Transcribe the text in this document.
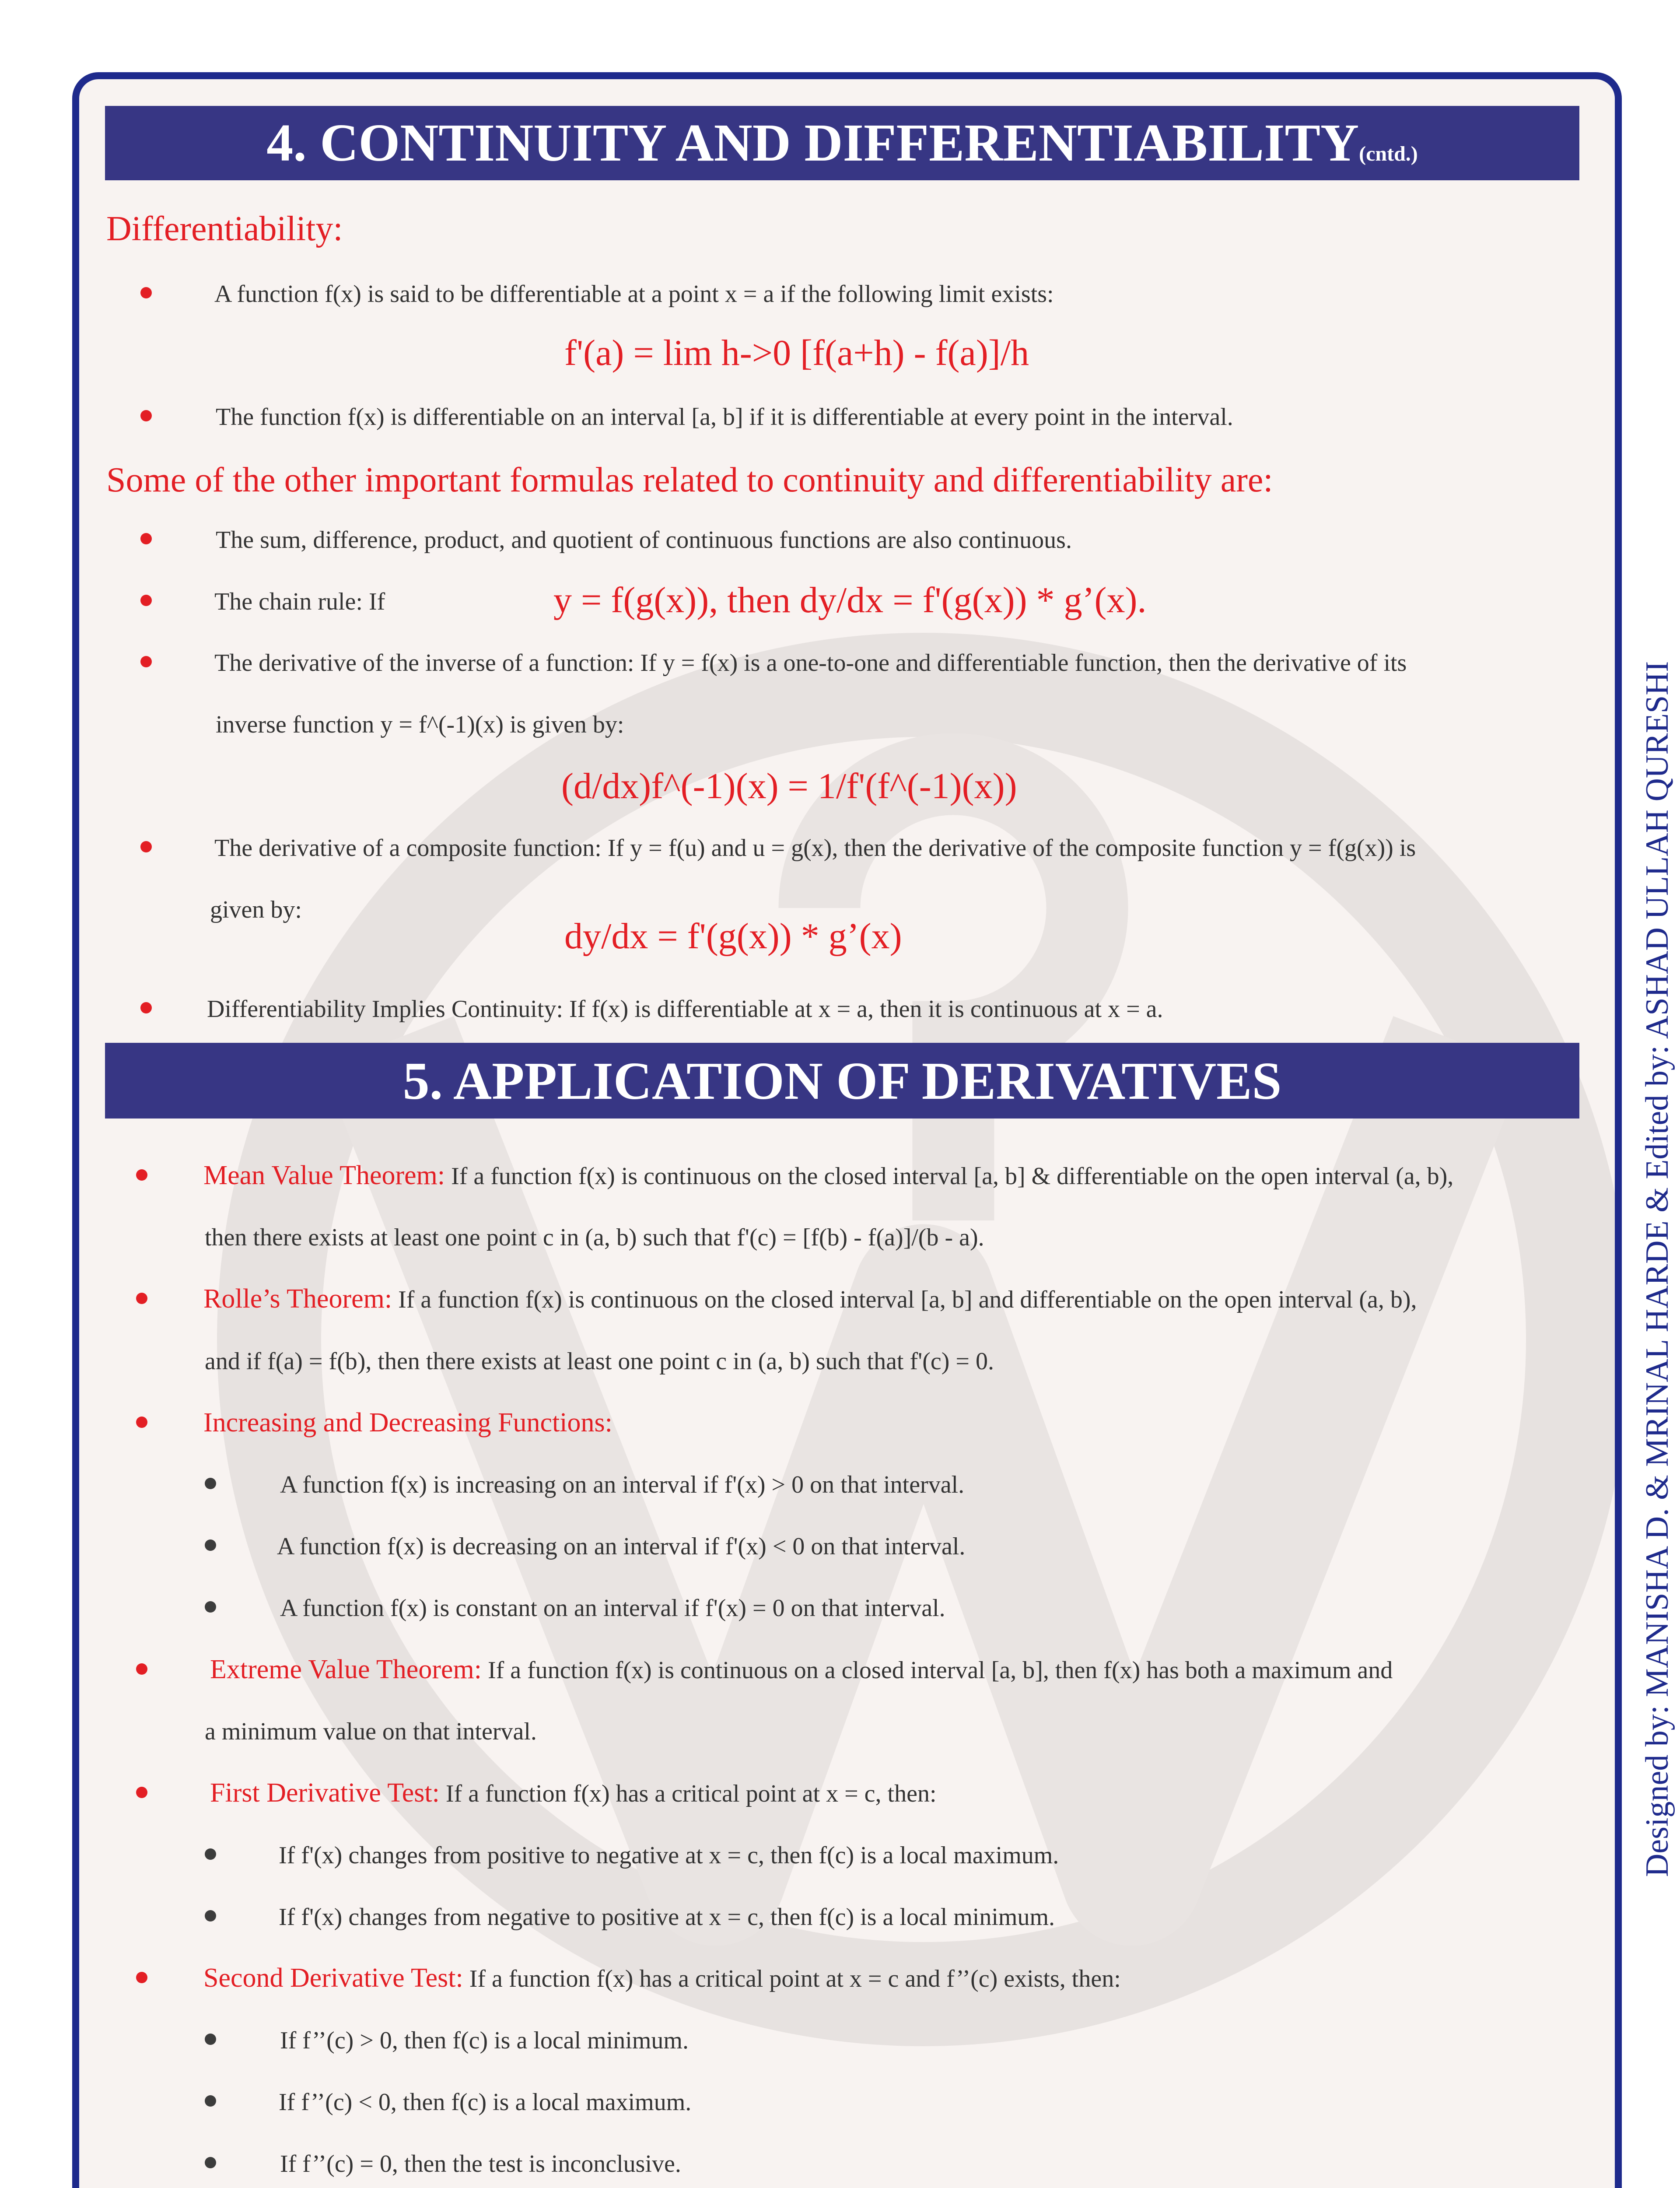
4. CONTINUITY AND DIFFERENTIABILITY(cntd.)
Differentiability:
A function f(x) is said to be differentiable at a point x = a if the following limit exists:
f'(a) = lim h->0 [f(a+h) - f(a)]/h
The function f(x) is differentiable on an interval [a, b] if it is differentiable at every point in the interval.
Some of the other important formulas related to continuity and differentiability are:
The sum, difference, product, and quotient of continuous functions are also continuous.
The chain rule: If	y = f(g(x)), then dy/dx = f'(g(x)) * g’(x).
The derivative of the inverse of a function: If y = f(x) is a one-to-one and differentiable function, then the derivative of its
inverse function y = f^(-1)(x) is given by:
(d/dx)f^(-1)(x) = 1/f'(f^(-1)(x))
The derivative of a composite function: If y = f(u) and u = g(x), then the derivative of the composite function y = f(g(x)) is
given by:
dy/dx = f'(g(x)) * g’(x)
Differentiability Implies Continuity: If f(x) is differentiable at x = a, then it is continuous at x = a.
5. APPLICATION OF DERIVATIVES
Mean Value Theorem: If a function f(x) is continuous on the closed interval [a, b] & differentiable on the open interval (a, b),
then there exists at least one point c in (a, b) such that f'(c) = [f(b) - f(a)]/(b - a).
Rolle’s Theorem: If a function f(x) is continuous on the closed interval [a, b] and differentiable on the open interval (a, b),
and if f(a) = f(b), then there exists at least one point c in (a, b) such that f'(c) = 0.
Increasing and Decreasing Functions:
A function f(x) is increasing on an interval if f'(x) > 0 on that interval.
A function f(x) is decreasing on an interval if f'(x) < 0 on that interval.
A function f(x) is constant on an interval if f'(x) = 0 on that interval.
Extreme Value Theorem: If a function f(x) is continuous on a closed interval [a, b], then f(x) has both a maximum and
a minimum value on that interval.
First Derivative Test: If a function f(x) has a critical point at x = c, then:
If f'(x) changes from positive to negative at x = c, then f(c) is a local maximum.
If f'(x) changes from negative to positive at x = c, then f(c) is a local minimum.
Second Derivative Test: If a function f(x) has a critical point at x = c and f’’(c) exists, then:
If f’’(c) > 0, then f(c) is a local minimum.
If f’’(c) < 0, then f(c) is a local maximum.
If f’’(c) = 0, then the test is inconclusive.
Designed by: MANISHA D. & MRINAL HARDE & Edited by: ASHAD ULLAH QURESHI
